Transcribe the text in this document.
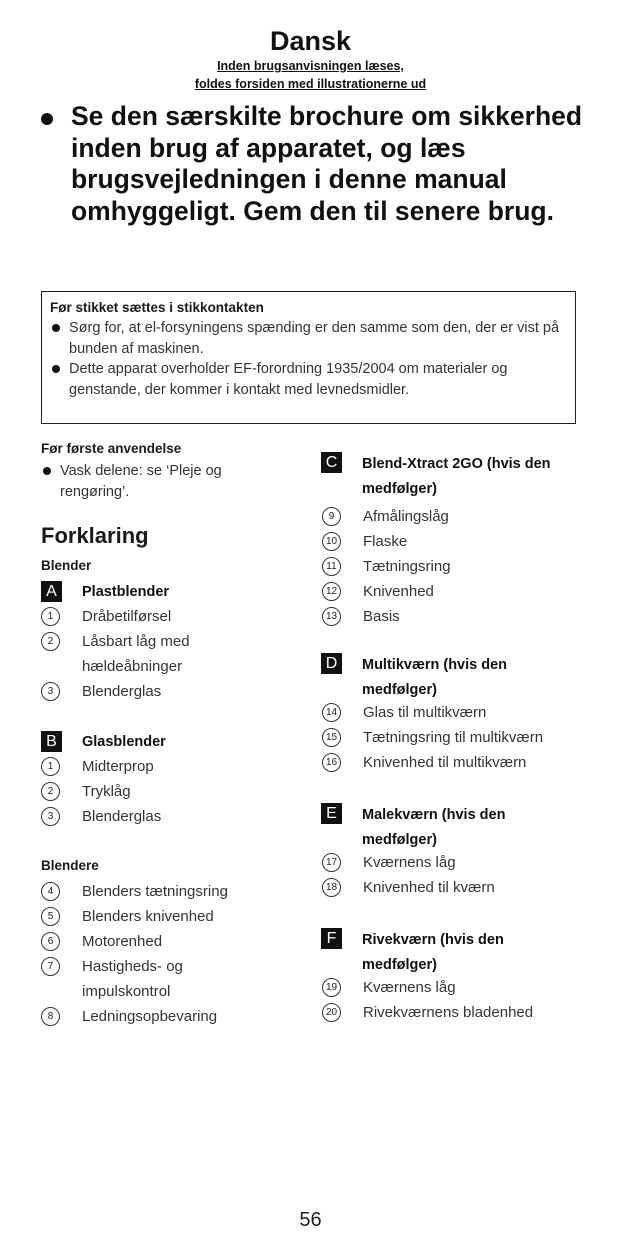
Dansk
Inden brugsanvisningen læses,
foldes forsiden med illustrationerne ud
Se den særskilte brochure om sikkerhed inden brug af apparatet, og læs brugsvejledningen i denne manual omhyggeligt. Gem den til senere brug.
Før stikket sættes i stikkontakten
Sørg for, at el-forsyningens spænding er den samme som den, der er vist på bunden af maskinen.
Dette apparat overholder EF-forordning 1935/2004 om materialer og genstande, der kommer i kontakt med levnedsmidler.
Før første anvendelse
Vask delene: se ‘Pleje og rengøring’.
Forklaring
Blender
A	Plastblender
1	Dråbetilførsel
2	Låsbart låg med hældeåbninger
3	Blenderglas
B	Glasblender
1	Midterprop
2	Tryklåg
3	Blenderglas
Blendere
4	Blenders tætningsring
5	Blenders knivenhed
6	Motorenhed
7	Hastigheds- og impulskontrol
8	Ledningsopbevaring
C	Blend-Xtract 2GO (hvis den medfølger)
9	Afmålingslåg
10 Flaske
11 Tætningsring
12 Knivenhed
13 Basis
D	Multikværn (hvis den medfølger)
14 Glas til multikværn
15 Tætningsring til multikværn
16 Knivenhed til multikværn
E	Malekværn (hvis den medfølger)
17 Kværnens låg
18 Knivenhed til kværn
F	Rivekværn (hvis den medfølger)
19 Kværnens låg
20 Rivekværnens bladenhed
56
